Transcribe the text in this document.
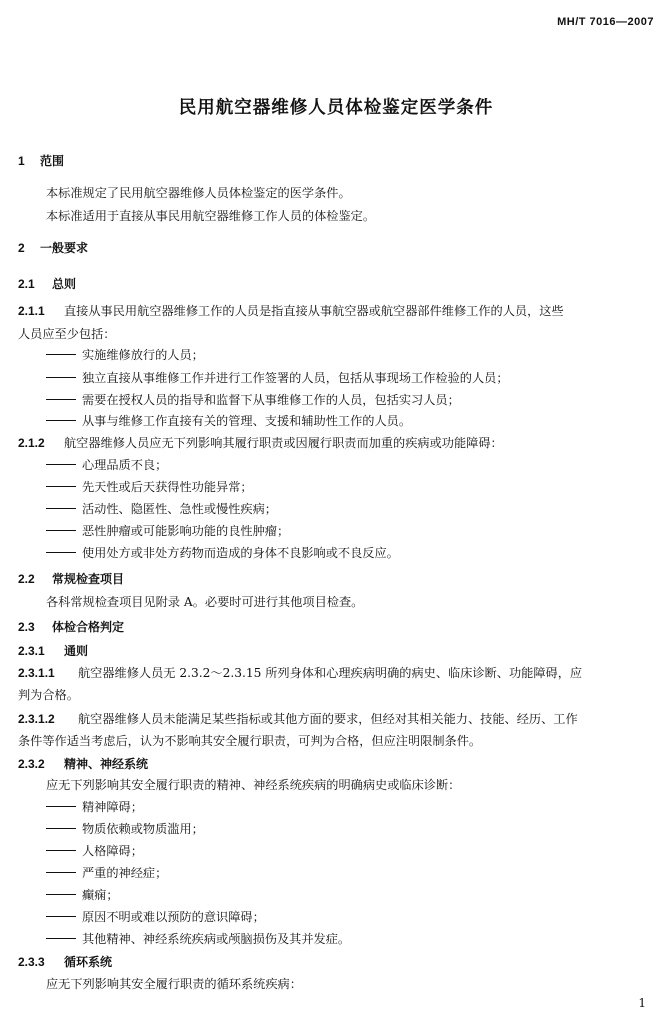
MH/T 7016—2007
民用航空器维修人员体检鉴定医学条件
1 范围
本标准规定了民用航空器维修人员体检鉴定的医学条件。
本标准适用于直接从事民用航空器维修工作人员的体检鉴定。
2 一般要求
2.1 总则
2.1.1 直接从事民用航空器维修工作的人员是指直接从事航空器或航空器部件维修工作的人员，这些
人员应至少包括：
实施维修放行的人员；
独立直接从事维修工作并进行工作签署的人员，包括从事现场工作检验的人员；
需要在授权人员的指导和监督下从事维修工作的人员，包括实习人员；
从事与维修工作直接有关的管理、支援和辅助性工作的人员。
2.1.2 航空器维修人员应无下列影响其履行职责或因履行职责而加重的疾病或功能障碍：
心理品质不良；
先天性或后天获得性功能异常；
活动性、隐匿性、急性或慢性疾病；
恶性肿瘤或可能影响功能的良性肿瘤；
使用处方或非处方药物而造成的身体不良影响或不良反应。
2.2 常规检查项目
各科常规检查项目见附录 A。必要时可进行其他项目检查。
2.3 体检合格判定
2.3.1 通则
2.3.1.1 航空器维修人员无 2.3.2～2.3.15 所列身体和心理疾病明确的病史、临床诊断、功能障碍，应
判为合格。
2.3.1.2 航空器维修人员未能满足某些指标或其他方面的要求，但经对其相关能力、技能、经历、工作
条件等作适当考虑后，认为不影响其安全履行职责，可判为合格，但应注明限制条件。
2.3.2 精神、神经系统
应无下列影响其安全履行职责的精神、神经系统疾病的明确病史或临床诊断：
精神障碍；
物质依赖或物质滥用；
人格障碍；
严重的神经症；
癫痫；
原因不明或难以预防的意识障碍；
其他精神、神经系统疾病或颅脑损伤及其并发症。
2.3.3 循环系统
应无下列影响其安全履行职责的循环系统疾病：
1
